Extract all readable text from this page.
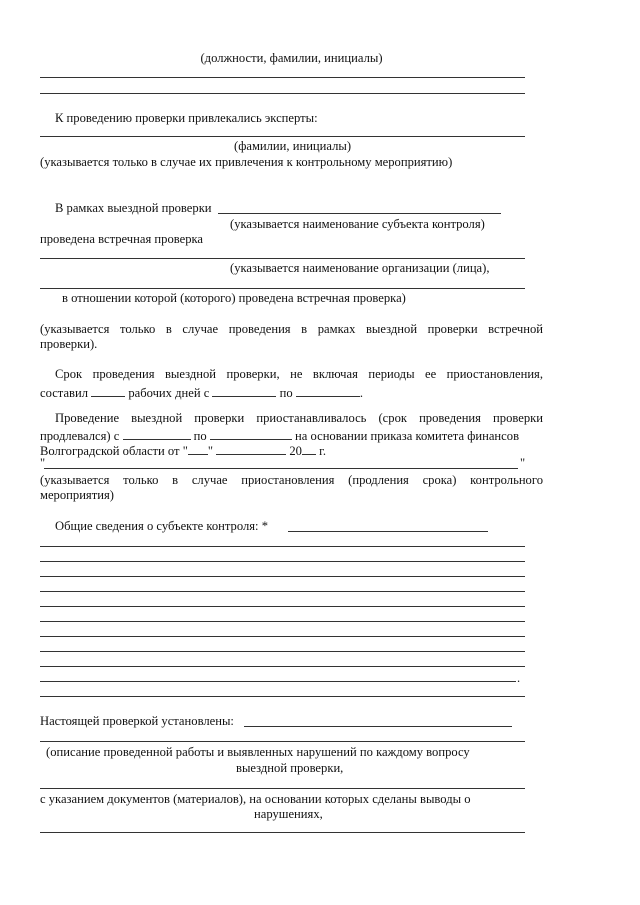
(должности, фамилии, инициалы)
К проведению проверки привлекались эксперты:
(фамилии, инициалы)
(указывается только в случае их привлечения к контрольному мероприятию)
В рамках выездной проверки
(указывается наименование субъекта контроля)
проведена встречная проверка
(указывается наименование организации (лица),
в отношении которой (которого) проведена встречная проверка)
(указывается только в случае проведения в рамках выездной проверки встречной
проверки).
Срок проведения выездной проверки, не включая периоды ее приостановления,
составил	рабочих дней с	по	.
Проведение выездной проверки приостанавливалось (срок проведения проверки
продлевался) с	по	на основании приказа комитета финансов
Волгоградской области от " "	20 г.
"	"
(указывается только в случае приостановления (продления срока) контрольного
мероприятия)
Общие сведения о субъекте контроля: *
.
Настоящей проверкой установлены:
(описание проведенной работы и выявленных нарушений по каждому вопросу
выездной проверки,
с указанием документов (материалов), на основании которых сделаны выводы о
нарушениях,
